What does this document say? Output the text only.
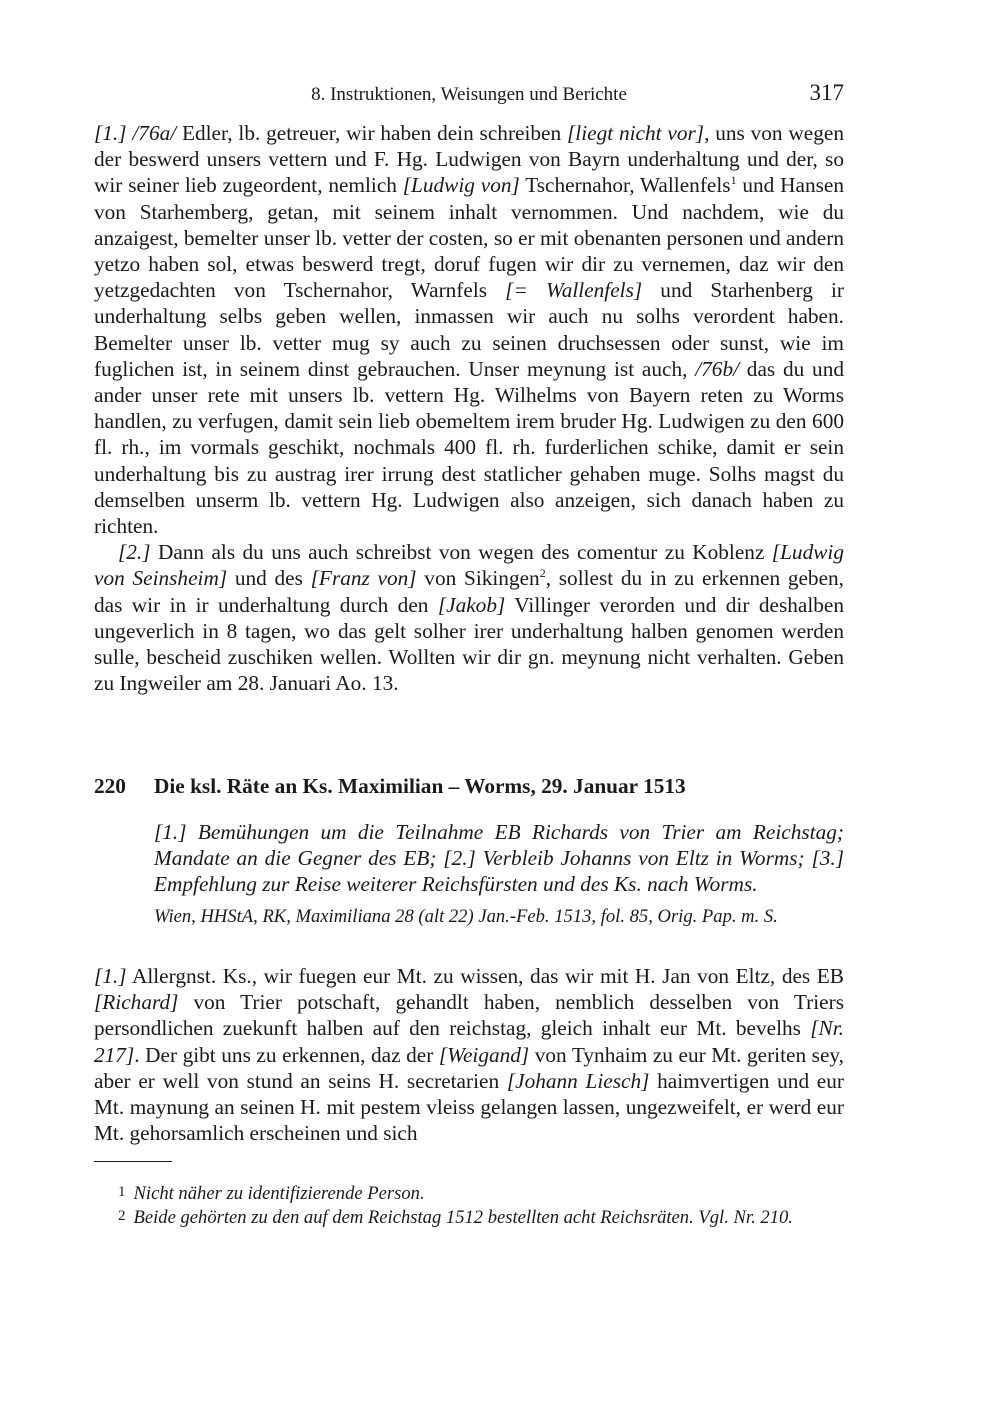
8. Instruktionen, Weisungen und Berichte	317

[1.] /76a/ Edler, lb. getreuer, wir haben dein schreiben [liegt nicht vor], uns von wegen der beswerd unsers vettern und F. Hg. Ludwigen von Bayrn underhaltung und der, so wir seiner lieb zugeordent, nemlich [Ludwig von] Tschernahor, Wallenfels$^1$ und Hansen von Starhemberg, getan, mit seinem inhalt vernommen. Und nachdem, wie du anzaigest, bemelter unser lb. vetter der costen, so er mit obenanten personen und andern yetzo haben sol, etwas beswerd tregt, doruf fugen wir dir zu vernemen, daz wir den yetzgedachten von Tschernahor, Warnfels [= Wallenfels] und Starhenberg ir underhaltung selbs geben wellen, inmassen wir auch nu solhs verordent haben. Bemelter unser lb. vetter mug sy auch zu seinen druchsessen oder sunst, wie im fuglichen ist, in seinem dinst gebrauchen. Unser meynung ist auch, /76b/ das du und ander unser rete mit unsers lb. vettern Hg. Wilhelms von Bayern reten zu Worms handlen, zu verfugen, damit sein lieb obemeltem irem bruder Hg. Ludwigen zu den 600 fl. rh., im vormals geschikt, nochmals 400 fl. rh. furderlichen schike, damit er sein underhaltung bis zu austrag irer irrung dest statlicher gehaben muge. Solhs magst du demselben unserm lb. vettern Hg. Ludwigen also anzeigen, sich danach haben zu richten.

[2.] Dann als du uns auch schreibst von wegen des comentur zu Koblenz [Ludwig von Seinsheim] und des [Franz von] von Sikingen$^2$, sollest du in zu erkennen geben, das wir in ir underhaltung durch den [Jakob] Villinger verorden und dir deshalben ungeverlich in 8 tagen, wo das gelt solher irer underhaltung halben genomen werden sulle, bescheid zuschiken wellen. Wollten wir dir gn. meynung nicht verhalten. Geben zu Ingweiler am 28. Januari Ao. 13.

220 Die ksl. Räte an Ks. Maximilian – Worms, 29. Januar 1513
[1.] Bemühungen um die Teilnahme EB Richards von Trier am Reichstag; Mandate an die Gegner des EB; [2.] Verbleib Johanns von Eltz in Worms; [3.] Empfehlung zur Reise weiterer Reichsfürsten und des Ks. nach Worms.
Wien, HHStA, RK, Maximiliana 28 (alt 22) Jan.-Feb. 1513, fol. 85, Orig. Pap. m. S.

[1.] Allergnst. Ks., wir fuegen eur Mt. zu wissen, das wir mit H. Jan von Eltz, des EB [Richard] von Trier potschaft, gehandlt haben, nemblich desselben von Triers persondlichen zuekunft halben auf den reichstag, gleich inhalt eur Mt. bevelhs [Nr. 217]. Der gibt uns zu erkennen, daz der [Weigand] von Tynhaim zu eur Mt. geriten sey, aber er well von stund an seins H. secretarien [Johann Liesch] haimvertigen und eur Mt. maynung an seinen H. mit pestem vleiss gelangen lassen, ungezweifelt, er werd eur Mt. gehorsamlich erscheinen und sich

1 Nicht näher zu identifizierende Person.

2 Beide gehörten zu den auf dem Reichstag 1512 bestellten acht Reichsräten. Vgl. Nr. 210.
